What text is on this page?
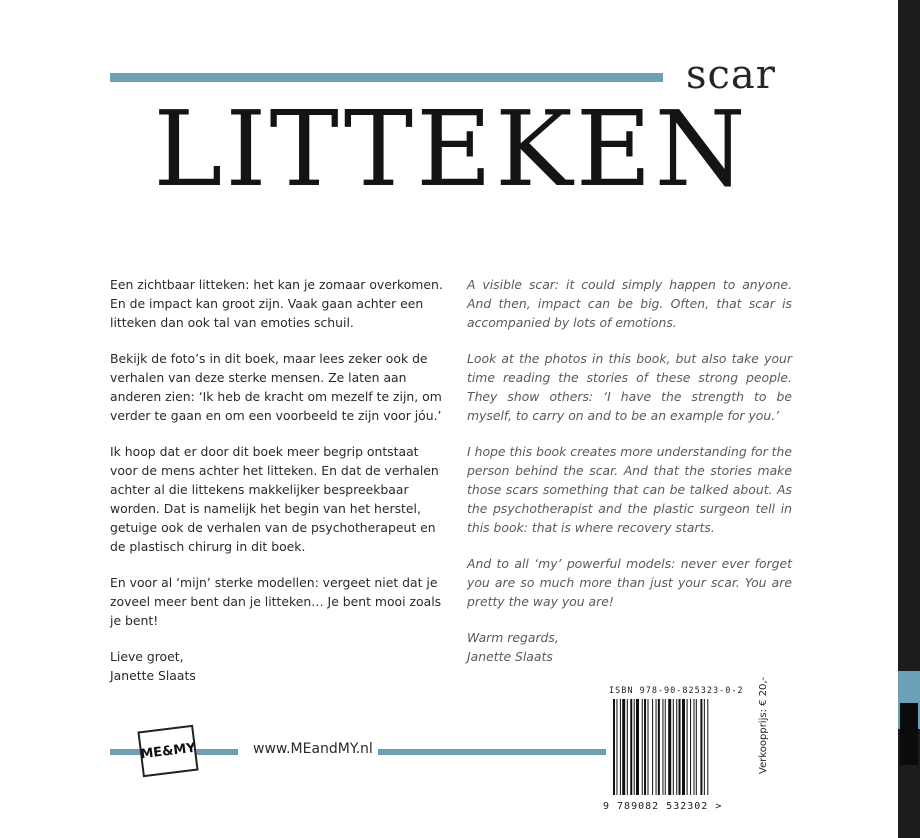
scar
LITTEKEN

Een zichtbaar litteken: het kan je zomaar overkomen. En de impact kan groot zijn. Vaak gaan achter een litteken dan ook tal van emoties schuil.

Bekijk de foto’s in dit boek, maar lees zeker ook de verhalen van deze sterke mensen. Ze laten aan anderen zien: ‘Ik heb de kracht om mezelf te zijn, om verder te gaan en om een voorbeeld te zijn voor jóu.’

Ik hoop dat er door dit boek meer begrip ontstaat voor de mens achter het litteken. En dat de verhalen achter al die littekens makkelijker bespreekbaar worden. Dat is namelijk het begin van het herstel, getuige ook de verhalen van de psychotherapeut en de plastisch chirurg in dit boek.

En voor al ‘mijn’ sterke modellen: vergeet niet dat je zoveel meer bent dan je litteken… Je bent mooi zoals je bent!

Lieve groet,
Janette Slaats

A visible scar: it could simply happen to anyone. And then, impact can be big. Often, that scar is accompanied by lots of emotions.

Look at the photos in this book, but also take your time reading the stories of these strong people. They show others: ‘I have the strength to be myself, to carry on and to be an example for you.’

I hope this book creates more understanding for the person behind the scar. And that the stories make those scars something that can be talked about. As the psychotherapist and the plastic surgeon tell in this book: that is where recovery starts.

And to all ‘my’ powerful models: never ever forget you are so much more than just your scar. You are pretty the way you are!

Warm regards,
Janette Slaats

ME&MY	www.MEandMY.nl
ISBN 978-90-825323-0-2
9 789082 532302 >
Verkoopprijs: € 20,-
